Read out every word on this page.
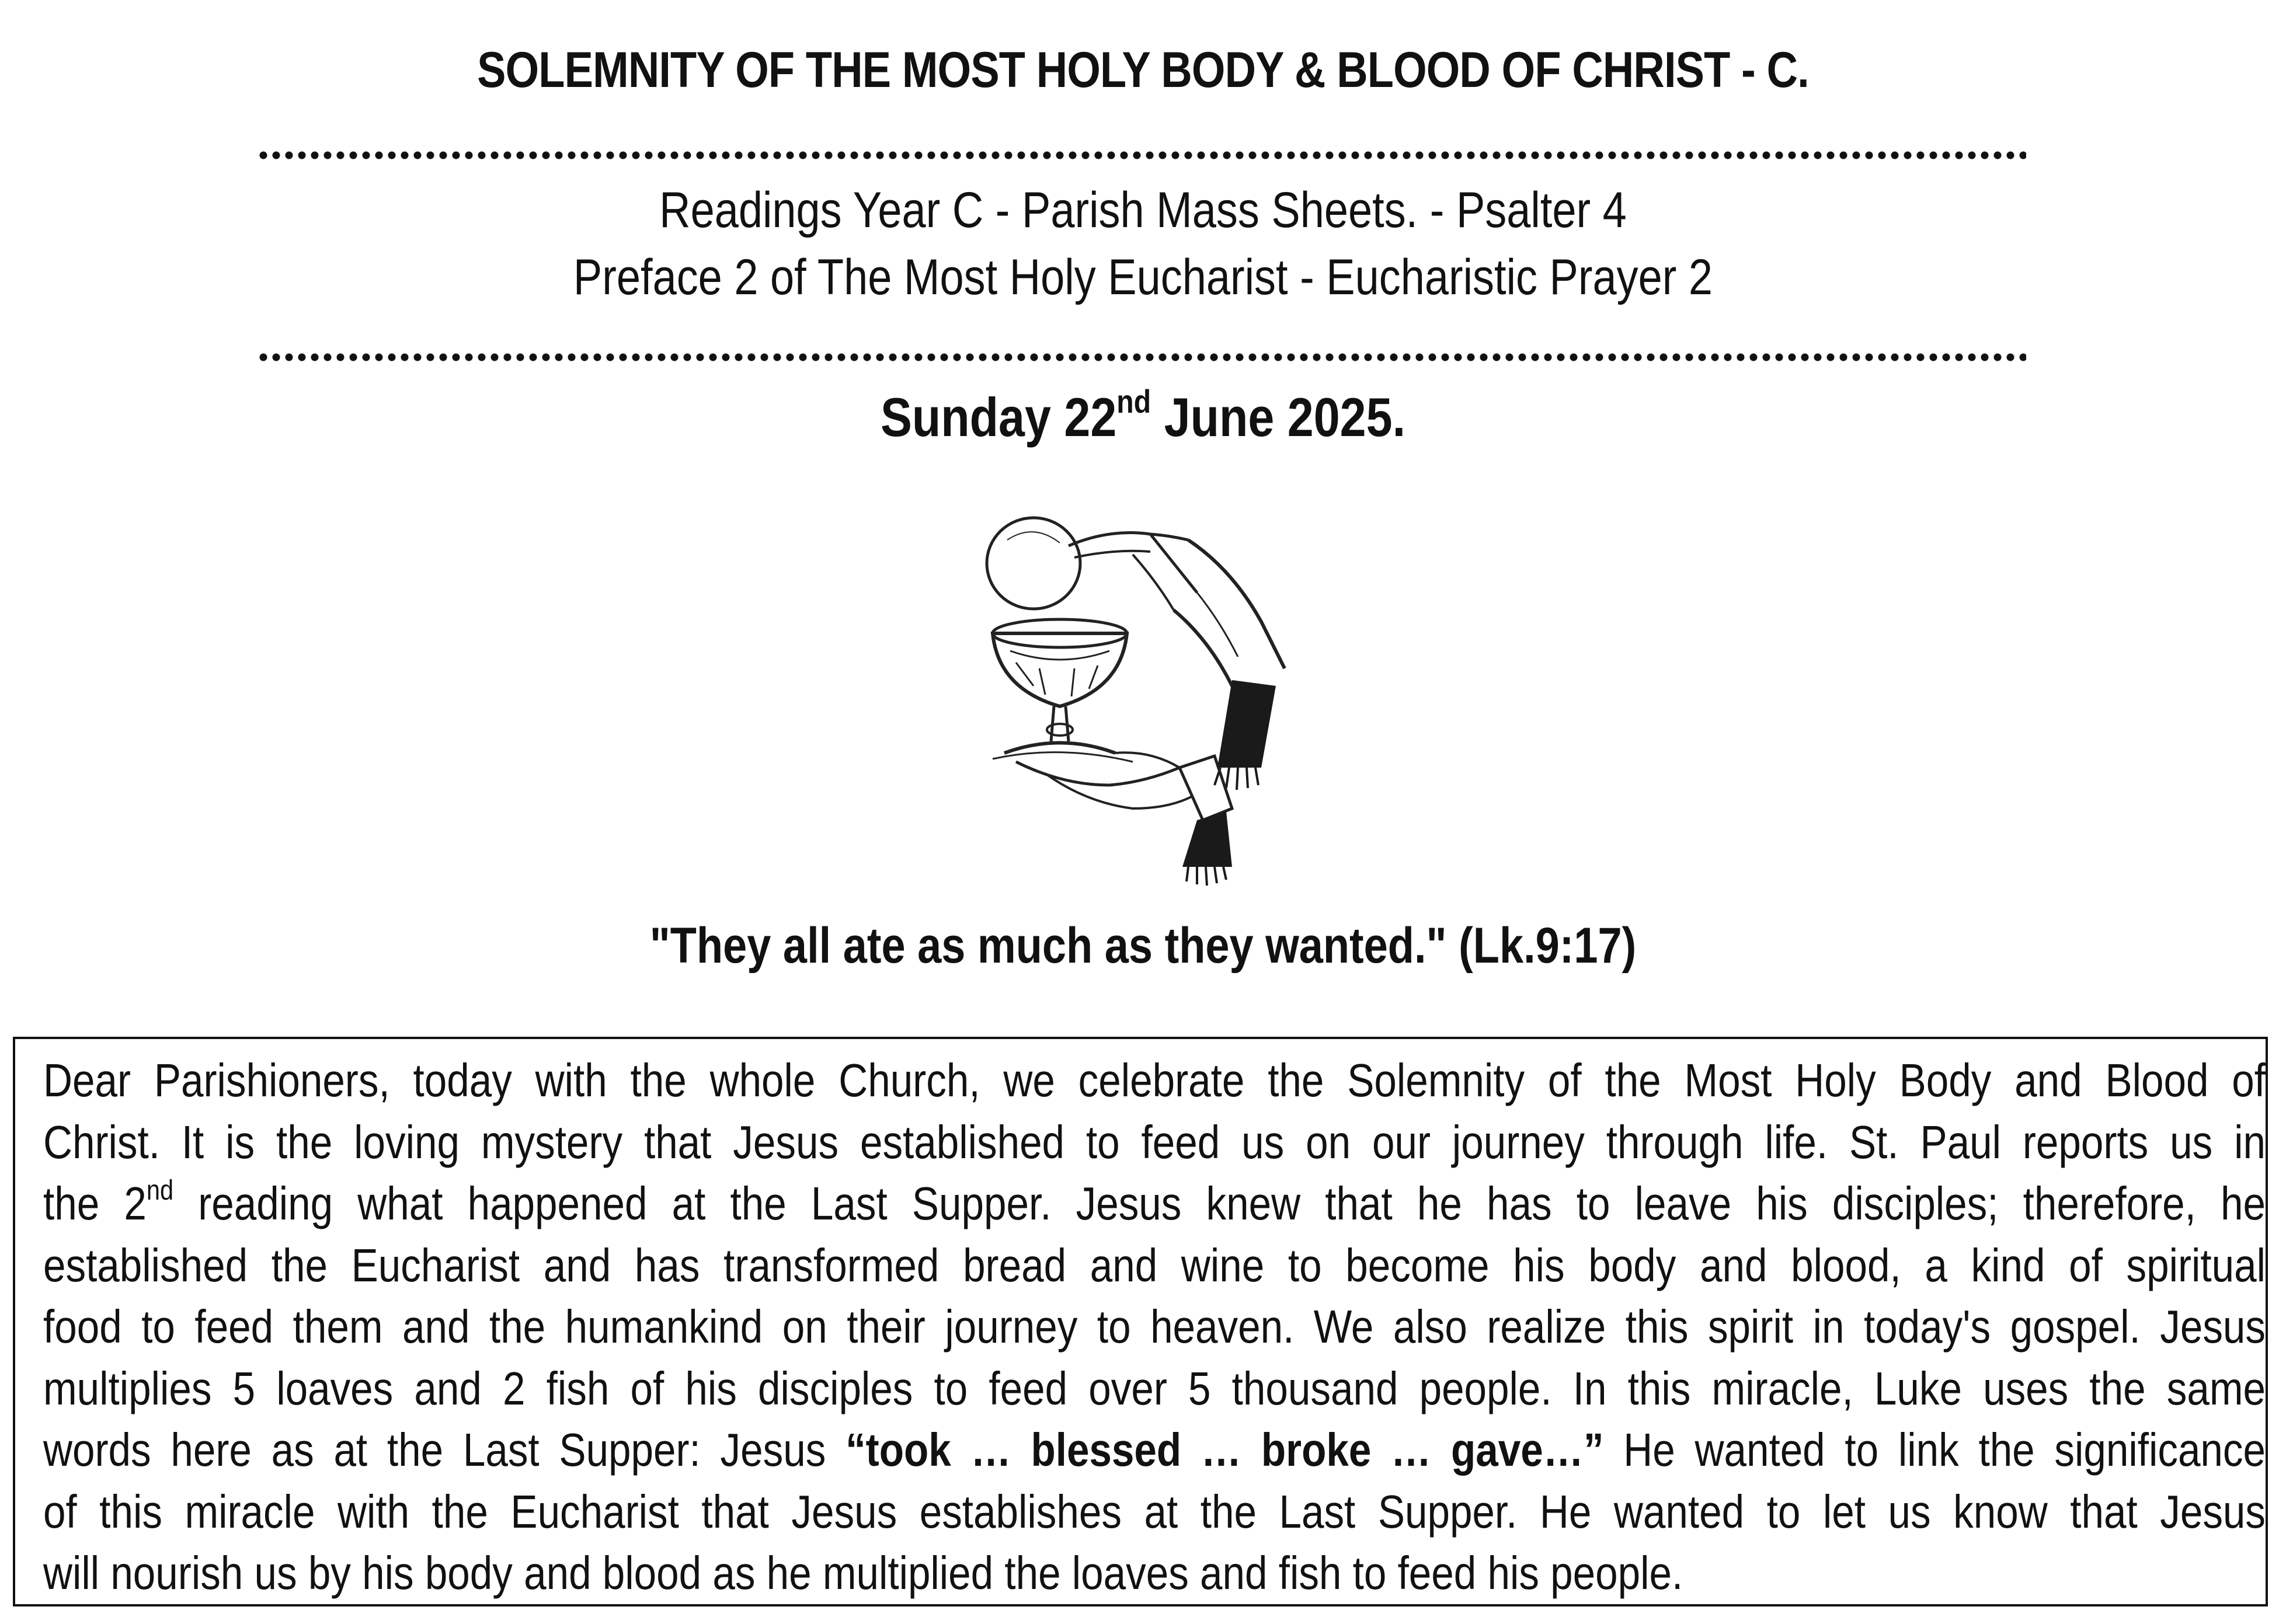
SOLEMNITY OF THE MOST HOLY BODY & BLOOD OF CHRIST - C.
Readings Year C - Parish Mass Sheets. - Psalter 4
Preface 2 of The Most Holy Eucharist - Eucharistic Prayer 2
Sunday 22nd June 2025.
"They all ate as much as they wanted." (Lk.9:17)
Dear Parishioners, today with the whole Church, we celebrate the Solemnity of the Most Holy Body and Blood of
Christ. It is the loving mystery that Jesus established to feed us on our journey through life. St. Paul reports us in
the 2nd reading what happened at the Last Supper. Jesus knew that he has to leave his disciples; therefore, he
established the Eucharist and has transformed bread and wine to become his body and blood, a kind of spiritual
food to feed them and the humankind on their journey to heaven. We also realize this spirit in today's gospel. Jesus
multiplies 5 loaves and 2 fish of his disciples to feed over 5 thousand people. In this miracle, Luke uses the same
words here as at the Last Supper: Jesus “took … blessed … broke … gave…” He wanted to link the significance
of this miracle with the Eucharist that Jesus establishes at the Last Supper. He wanted to let us know that Jesus
will nourish us by his body and blood as he multiplied the loaves and fish to feed his people.
